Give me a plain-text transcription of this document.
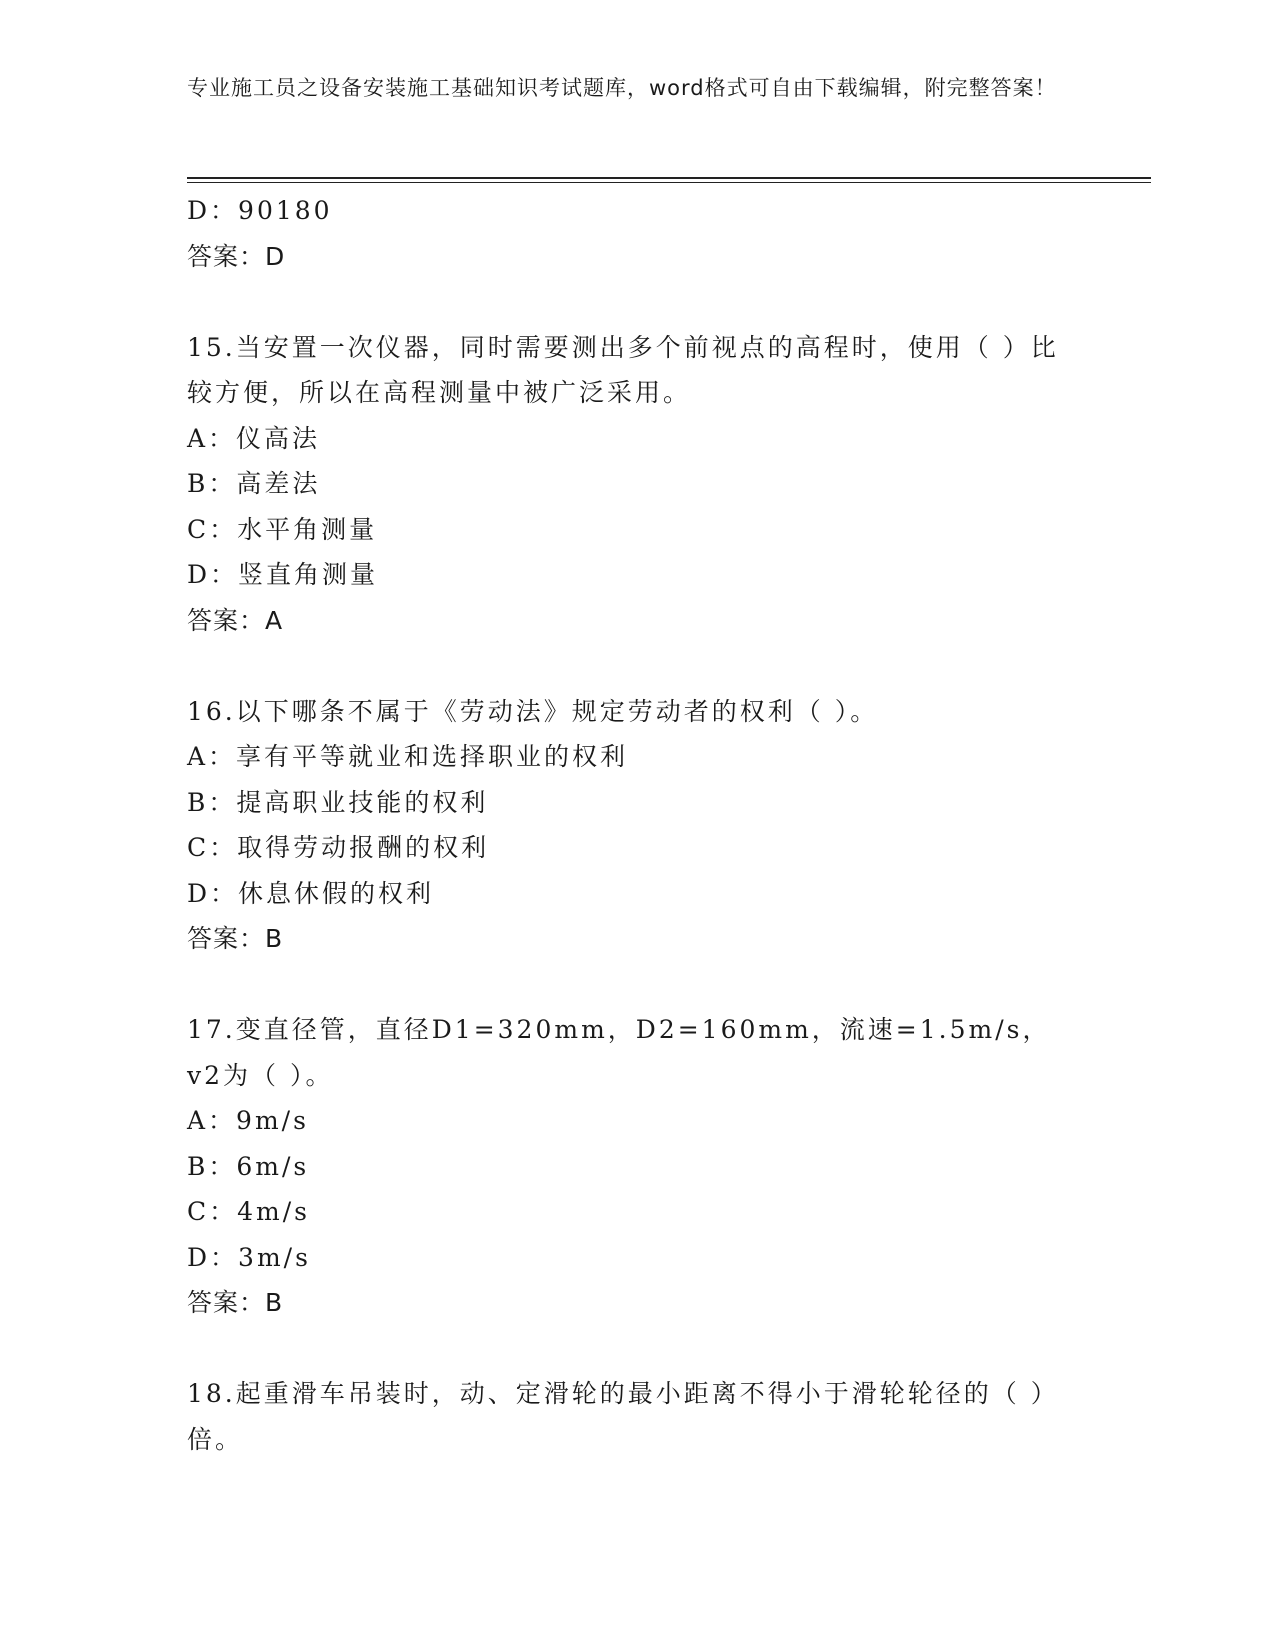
专业施工员之设备安装施工基础知识考试题库，word格式可自由下载编辑，附完整答案！
D：90180
答案：D
15.当安置一次仪器，同时需要测出多个前视点的高程时，使用（ ）比较方便，所以在高程测量中被广泛采用。
A：仪高法
B：高差法
C：水平角测量
D：竖直角测量
答案：A
16.以下哪条不属于《劳动法》规定劳动者的权利（ ）。
A：享有平等就业和选择职业的权利
B：提高职业技能的权利
C：取得劳动报酬的权利
D：休息休假的权利
答案：B
17.变直径管，直径D1=320mm，D2=160mm，流速=1.5m/s，v2为（ ）。
A：9m/s
B：6m/s
C：4m/s
D：3m/s
答案：B
18.起重滑车吊装时，动、定滑轮的最小距离不得小于滑轮轮径的（ ）倍。
